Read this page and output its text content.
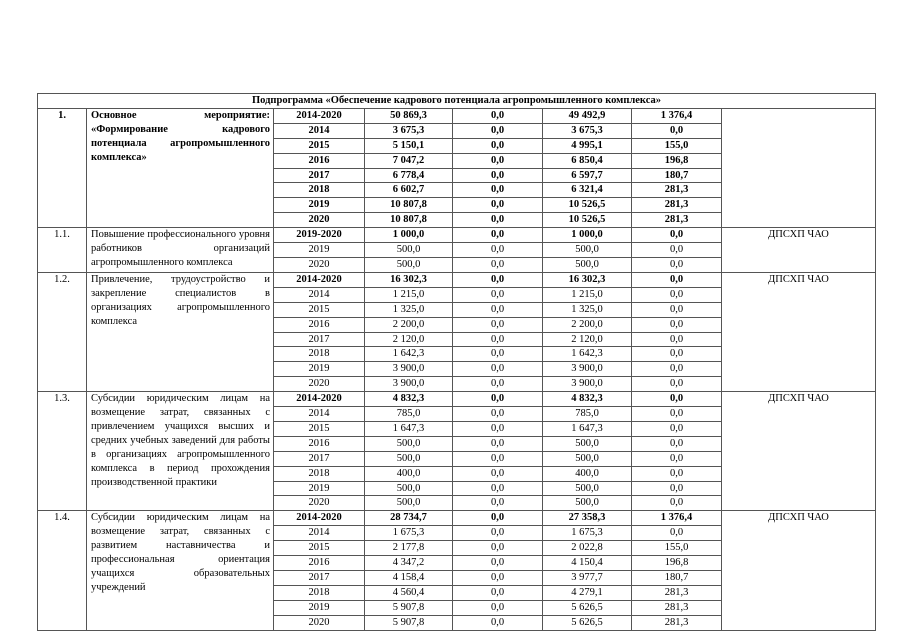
Подпрограмма «Обеспечение кадрового потенциала агропромышленного комплекса»							
1.	Основное мероприятие: «Формирование кадрового потенциала агропромышленного комплекса»	2014-2020	50 869,3	0,0	49 492,9	1 376,4	
		2014	3 675,3	0,0	3 675,3	0,0	
		2015	5 150,1	0,0	4 995,1	155,0	
		2016	7 047,2	0,0	6 850,4	196,8	
		2017	6 778,4	0,0	6 597,7	180,7	
		2018	6 602,7	0,0	6 321,4	281,3	
		2019	10 807,8	0,0	10 526,5	281,3	
		2020	10 807,8	0,0	10 526,5	281,3	
1.1.	Повышение профессионального уровня работников организаций агропромышленного комплекса	2019-2020	1 000,0	0,0	1 000,0	0,0	ДПСХП ЧАО
		2019	500,0	0,0	500,0	0,0	
		2020	500,0	0,0	500,0	0,0	
1.2.	Привлечение, трудоустройство и закрепление специалистов в организациях агропромышленного комплекса	2014-2020	16 302,3	0,0	16 302,3	0,0	ДПСХП ЧАО
		2014	1 215,0	0,0	1 215,0	0,0	
		2015	1 325,0	0,0	1 325,0	0,0	
		2016	2 200,0	0,0	2 200,0	0,0	
		2017	2 120,0	0,0	2 120,0	0,0	
		2018	1 642,3	0,0	1 642,3	0,0	
		2019	3 900,0	0,0	3 900,0	0,0	
		2020	3 900,0	0,0	3 900,0	0,0	
1.3.	Субсидии юридическим лицам на возмещение затрат, связанных с привлечением учащихся высших и средних учебных заведений для работы в организациях агропромышленного комплекса в период прохождения производственной практики	2014-2020	4 832,3	0,0	4 832,3	0,0	ДПСХП ЧАО
		2014	785,0	0,0	785,0	0,0	
		2015	1 647,3	0,0	1 647,3	0,0	
		2016	500,0	0,0	500,0	0,0	
		2017	500,0	0,0	500,0	0,0	
		2018	400,0	0,0	400,0	0,0	
		2019	500,0	0,0	500,0	0,0	
		2020	500,0	0,0	500,0	0,0	
1.4.	Субсидии юридическим лицам на возмещение затрат, связанных с развитием наставничества и профессиональная ориентация учащихся образовательных учреждений	2014-2020	28 734,7	0,0	27 358,3	1 376,4	ДПСХП ЧАО
		2014	1 675,3	0,0	1 675,3	0,0	
		2015	2 177,8	0,0	2 022,8	155,0	
		2016	4 347,2	0,0	4 150,4	196,8	
		2017	4 158,4	0,0	3 977,7	180,7	
		2018	4 560,4	0,0	4 279,1	281,3	
		2019	5 907,8	0,0	5 626,5	281,3	
		2020	5 907,8	0,0	5 626,5	281,3	
